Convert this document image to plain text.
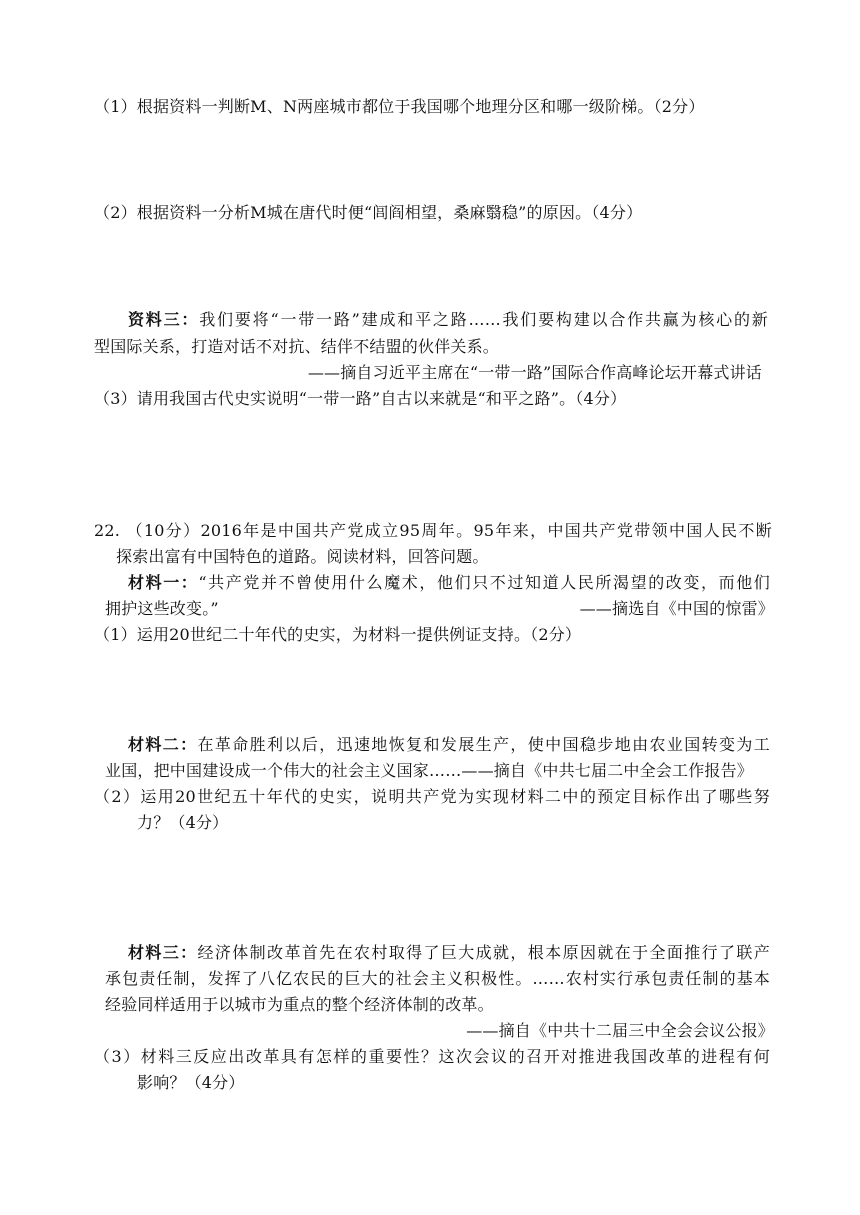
（1）根据资料一判断M、N两座城市都位于我国哪个地理分区和哪一级阶梯。（2分）
（2）根据资料一分析M城在唐代时便“闾阎相望，桑麻翳稳”的原因。（4分）
资料三：我们要将“一带一路”建成和平之路……我们要构建以合作共赢为核心的新
型国际关系，打造对话不对抗、结伴不结盟的伙伴关系。
——摘自习近平主席在“一带一路”国际合作高峰论坛开幕式讲话
（3）请用我国古代史实说明“一带一路”自古以来就是“和平之路”。（4分）
22. （10分）2016年是中国共产党成立95周年。95年来，中国共产党带领中国人民不断
探索出富有中国特色的道路。阅读材料，回答问题。
材料一：“共产党并不曾使用什么魔术，他们只不过知道人民所渴望的改变，而他们
拥护这些改变。”	——摘选自《中国的惊雷》
（1）运用20世纪二十年代的史实，为材料一提供例证支持。（2分）
材料二：在革命胜利以后，迅速地恢复和发展生产，使中国稳步地由农业国转变为工
业国，把中国建设成一个伟大的社会主义国家……——摘自《中共七届二中全会工作报告》
（2）运用20世纪五十年代的史实，说明共产党为实现材料二中的预定目标作出了哪些努
力？（4分）
材料三：经济体制改革首先在农村取得了巨大成就，根本原因就在于全面推行了联产
承包责任制，发挥了八亿农民的巨大的社会主义积极性。……农村实行承包责任制的基本
经验同样适用于以城市为重点的整个经济体制的改革。
——摘自《中共十二届三中全会会议公报》
（3）材料三反应出改革具有怎样的重要性？这次会议的召开对推进我国改革的进程有何
影响？（4分）
